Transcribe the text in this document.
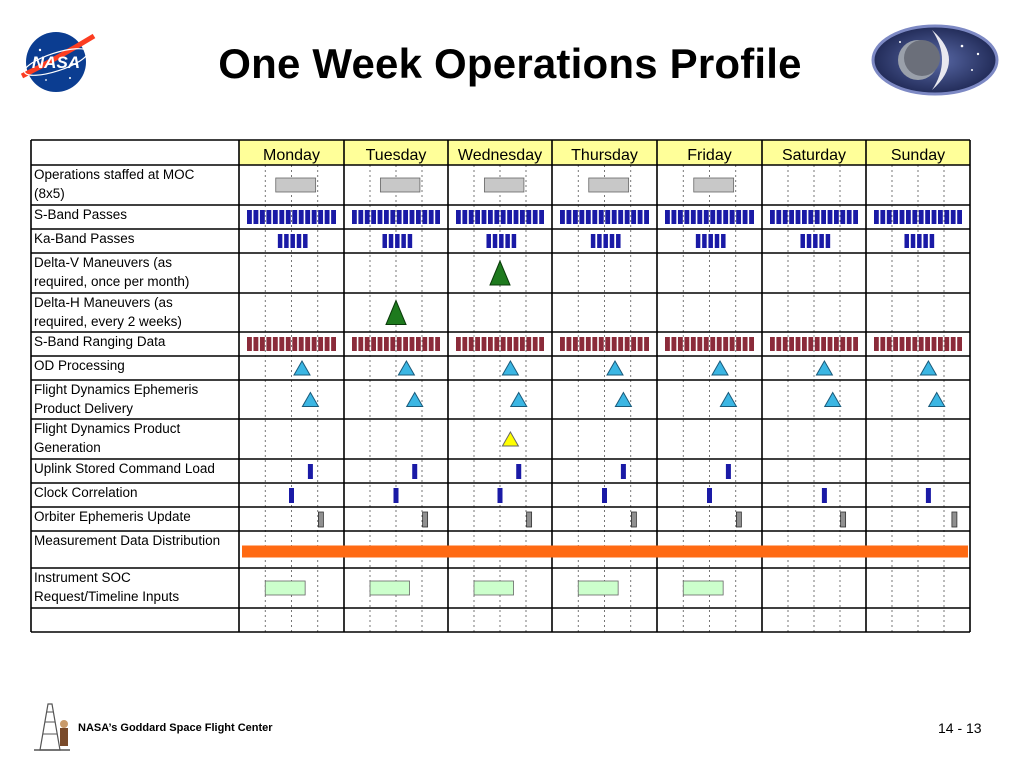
NASA	One Week Operations Profile
Monday	Tuesday Wednesday Thursday	Friday	Saturday	Sunday
Operations staffed at MOC
(8x5)
S-Band Passes
Ka-Band Passes
Delta-V Maneuvers (as
required, once per month)
Delta-H Maneuvers (as
required, every 2 weeks)
S-Band Ranging Data
OD Processing
Flight Dynamics Ephemeris
Product Delivery
Flight Dynamics Product
Generation
Uplink Stored Command Load
Clock Correlation
Orbiter Ephemeris Update
Measurement Data Distribution
Instrument SOC
Request/Timeline Inputs
NASA’s Goddard Space Flight Center	14 - 13
